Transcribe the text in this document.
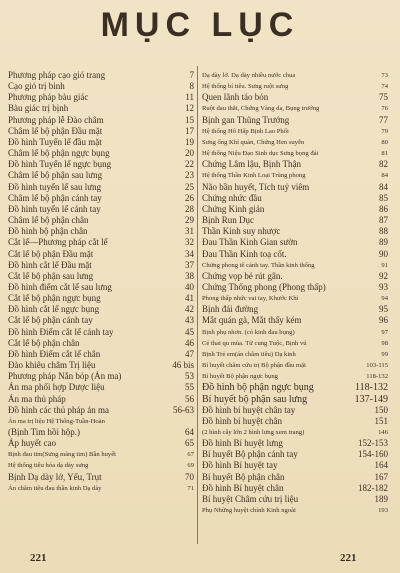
MỤC LỤC
Phương pháp cạo gió trang	7
Cạo gió trị binh	8
Phương pháp bàu giác	11
Bàu giác trị bịnh	12
Phương pháp lễ Đào châm	15
Châm lể bộ phận Đầu mặt	17
Đồ hình Tuyển lể đầu mặt	19
Châm lể bộ phận ngực bụng	20
Đồ hình Tuyển lể ngực bụng	22
Châm lể bộ phận sau lưng	23
Đồ hình tuyển lể sau lưng	25
Châm lể bộ phận cánh tay	26
Đồ hình tuyển lể cánh tay	28
Châm lể bộ phận chân	29
Đồ hình bộ phận chân	31
Cắt lể—Phương pháp cắt lể	32
Cắt lể bộ phận Đầu mặt	34
Đồ hình cắt lể Đầu mặt	37
Cắt lể bộ phận sau lưng	38
Đồ hình điểm cắt lể sau lưng	40
Cắt lể bộ phận ngực bụng	41
Đồ hình cắt lể ngực bụng	42
Cắt lể bộ phận cánh tay	43
Đồ hình Điểm cắt lể cánh tay	45
Cắt lể bộ phận chân	46
Đồ hình Điểm cắt lể chân	47
Đào khiêu châm Trị liệu	46 bis
Phương pháp Nắn bóp (Án ma)	53
Án ma phối hợp Dược liệu	55
Án ma thủ pháp	56
Đồ hình các thủ pháp án ma	56-63
Án ma trị liệu Hệ Thống-Tuần-Hoàn
(Bịnh Tim hồi hộp.)	64
Áp huyết cao	65
Bịnh đau tim(Sưng màng tim) Bần huyết	67
Hệ thống tiêu hóa dạ dày sưng	69
Bịnh Dạ dày lở, Yếu, Trụt	70
Án châm tiêu đau thần kinh Dạ dày	71
Dạ dày lở. Dạ dày nhiều nước chua	73
Hệ thống bí tiêu. Sưng ruột sưng	74
Quen lãnh táo bón	75
Ruột dau thắt, Chứng Vàng da, Bụng trướng	76
Bịnh gan Thũng Trướng	77
Hệ thống Hô Hấp Bịnh Lao Phổi	79
Sưng ống Khí quản, Chứng Hen suyễn	80
Hệ thống Niệu Đạo Sinh dục Sưng bọng đái	81
Chứng Lâm lậu, Bịnh Thận	82
Hệ thống Thần Kinh Loại Trùng phong	84
Não bần huyết, Tích tuỷ viêm	84
Chứng nhức đầu	85
Chứng Kinh giản	86
Bịnh Run Dục	87
Thần Kinh suy nhược	88
Đau Thần Kinh Gian sườn	89
Đau Thần Kinh toạ cốt.	90
Chứng phong tê cánh tay. Thần kinh thống	91
Chứng vọp bẻ rút gân.	92
Chứng Thống phong (Phong thấp)	93
Phong thấp nhức vai tay, Khước Khí	94
Bịnh đái đường	95
Mắt quán gà, Mắt thấy kém	96
Bịnh phụ nhơn. (có kinh đau bụng)	97
Cẻ thai qu mùa. Tử cung Tuộc, Bịnh vú	98
Bịnh Trẻ em(án châm tiêu) Dạ kinh	99
Bí huyết châm cứu trị Bộ phận đầu mặt	103-115
Bí huyết Bộ phận ngực bụng	118-132
Đồ hình bộ phận ngực bụng	118-132
Bí huyết bộ phận sau lưng	137-149
Đồ hình bí huyệt chân tay	150
Đồ hình bí huyệt chân	151
(2 hình cây lớn 2 hình lưng xem trang)	146
Đồ hình Bí huyệt lưng	152-153
Bí huyết Bộ phận cánh tay	154-160
Đồ hình Bí huyệt tay	164
Bí huyết Bộ phận chân	167
Đồ hình Bí huyệt chân	182-182
Bí huyệt Châm cứu trị liệu	189
Phụ Những huyệt chính Kinh ngoài	193
221	221
